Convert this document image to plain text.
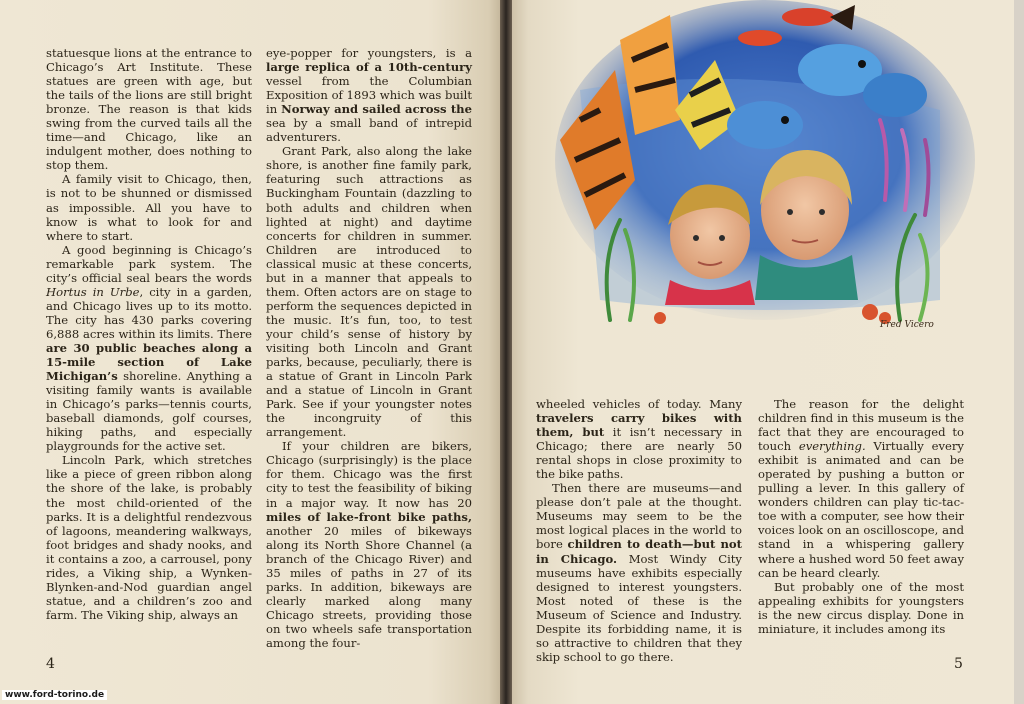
statuesque lions at the entrance to Chicago’s Art Institute. These statues are green with age, but the tails of the lions are still bright bronze. The reason is that kids swing from the curved tails all the time—and Chicago, like an indulgent mother, does nothing to stop them.

A family visit to Chicago, then, is not to be shunned or dismissed as impossible. All you have to know is what to look for and where to start.

A good beginning is Chicago’s remarkable park system. The city’s official seal bears the words Hortus in Urbe, city in a garden, and Chicago lives up to its motto. The city has 430 parks covering 6,888 acres within its limits. There are 30 public beaches along a 15-mile section of Lake Michigan’s shoreline. Anything a visiting family wants is available in Chicago’s parks—tennis courts, baseball diamonds, golf courses, hiking paths, and especially playgrounds for the active set.

Lincoln Park, which stretches like a piece of green ribbon along the shore of the lake, is probably the most child-oriented of the parks. It is a delightful rendezvous of lagoons, meandering walkways, foot bridges and shady nooks, and it contains a zoo, a carrousel, pony rides, a Viking ship, a Wynken-Blynken-and-Nod guardian angel statue, and a children’s zoo and farm. The Viking ship, always an

eye-popper for youngsters, is a large replica of a 10th-century vessel from the Columbian Exposition of 1893 which was built in Norway and sailed across the sea by a small band of intrepid adventurers.

Grant Park, also along the lake shore, is another fine family park, featuring such attractions as Buckingham Fountain (dazzling to both adults and children when lighted at night) and daytime concerts for children in summer. Children are introduced to classical music at these concerts, but in a manner that appeals to them. Often actors are on stage to perform the sequences depicted in the music. It’s fun, too, to test your child’s sense of history by visiting both Lincoln and Grant parks, because, peculiarly, there is a statue of Grant in Lincoln Park and a statue of Lincoln in Grant Park. See if your youngster notes the incongruity of this arrangement.

If your children are bikers, Chicago (surprisingly) is the place for them. Chicago was the first city to test the feasibility of biking in a major way. It now has 20 miles of lake-front bike paths, another 20 miles of bikeways along its North Shore Channel (a branch of the Chicago River) and 35 miles of paths in 27 of its parks. In addition, bikeways are clearly marked along many Chicago streets, providing those on two wheels safe transportation among the four-

wheeled vehicles of today. Many travelers carry bikes with them, but it isn’t necessary in Chicago; there are nearly 50 rental shops in close proximity to the bike paths.

Then there are museums—and please don’t pale at the thought. Museums may seem to be the most logical places in the world to bore children to death—but not in Chicago. Most Windy City museums have exhibits especially designed to interest youngsters. Most noted of these is the Museum of Science and Industry. Despite its forbidding name, it is so attractive to children that they skip school to go there.

The reason for the delight children find in this museum is the fact that they are encouraged to touch everything. Virtually every exhibit is animated and can be operated by pushing a button or pulling a lever. In this gallery of wonders children can play tic-tac-toe with a computer, see how their voices look on an oscilloscope, and stand in a whispering gallery where a hushed word 50 feet away can be heard clearly.

But probably one of the most appealing exhibits for youngsters is the new circus display. Done in miniature, it includes among its

4	5
Fred Vicero
www.ford-torino.de
